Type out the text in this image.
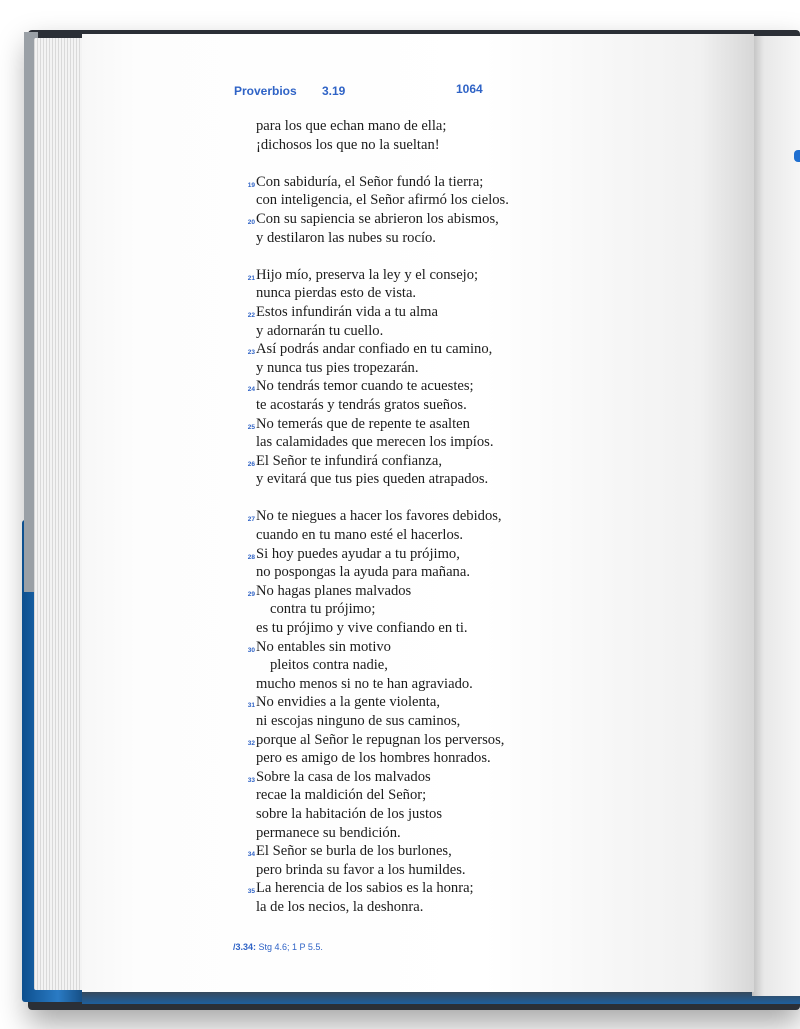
Proverbios 3.19	1064
para los que echan mano de ella;
¡dichosos los que no la sueltan!
19 Con sabiduría, el Señor fundó la tierra;
con inteligencia, el Señor afirmó los cielos.
20 Con su sapiencia se abrieron los abismos,
y destilaron las nubes su rocío.
21 Hijo mío, preserva la ley y el consejo;
nunca pierdas esto de vista.
22 Estos infundirán vida a tu alma
y adornarán tu cuello.
23 Así podrás andar confiado en tu camino,
y nunca tus pies tropezarán.
24 No tendrás temor cuando te acuestes;
te acostarás y tendrás gratos sueños.
25 No temerás que de repente te asalten
las calamidades que merecen los impíos.
26 El Señor te infundirá confianza,
y evitará que tus pies queden atrapados.
27 No te niegues a hacer los favores debidos,
cuando en tu mano esté el hacerlos.
28 Si hoy puedes ayudar a tu prójimo,
no pospongas la ayuda para mañana.
29 No hagas planes malvados
contra tu prójimo;
es tu prójimo y vive confiando en ti.
30 No entables sin motivo
pleitos contra nadie,
mucho menos si no te han agraviado.
31 No envidies a la gente violenta,
ni escojas ninguno de sus caminos,
32 porque al Señor le repugnan los perversos,
pero es amigo de los hombres honrados.
33 Sobre la casa de los malvados
recae la maldición del Señor;
sobre la habitación de los justos
permanece su bendición.
34 El Señor se burla de los burlones,
pero brinda su favor a los humildes.
35 La herencia de los sabios es la honra;
la de los necios, la deshonra.
/3.34: Stg 4.6; 1 P 5.5.
